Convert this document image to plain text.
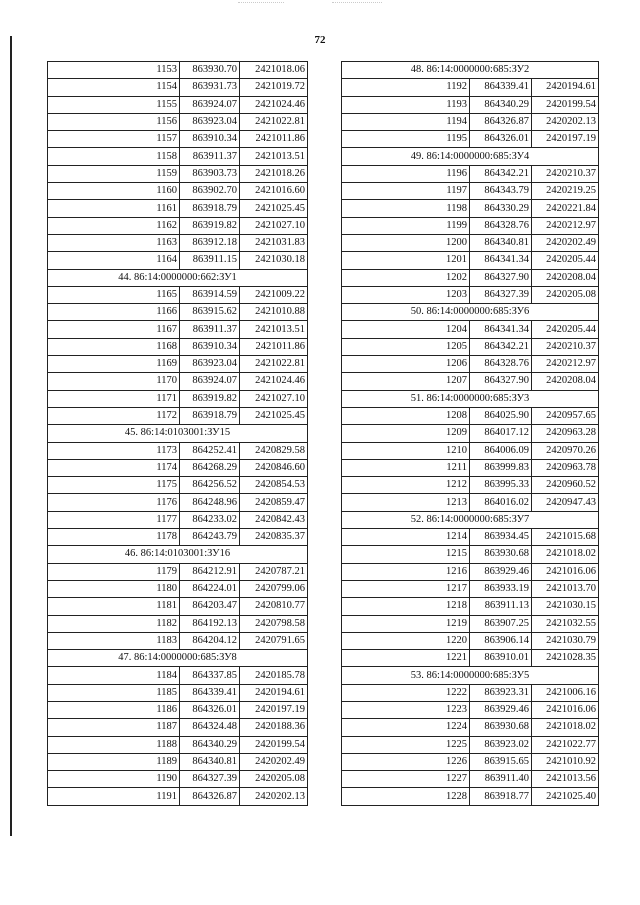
72
1153	863930.70	2421018.06
1154	863931.73	2421019.72
1155	863924.07	2421024.46
1156	863923.04	2421022.81
1157	863910.34	2421011.86
1158	863911.37	2421013.51
1159	863903.73	2421018.26
1160	863902.70	2421016.60
1161	863918.79	2421025.45
1162	863919.82	2421027.10
1163	863912.18	2421031.83
1164	863911.15	2421030.18
44. 86:14:0000000:662:ЗУ1		
1165	863914.59	2421009.22
1166	863915.62	2421010.88
1167	863911.37	2421013.51
1168	863910.34	2421011.86
1169	863923.04	2421022.81
1170	863924.07	2421024.46
1171	863919.82	2421027.10
1172	863918.79	2421025.45
45. 86:14:0103001:ЗУ15		
1173	864252.41	2420829.58
1174	864268.29	2420846.60
1175	864256.52	2420854.53
1176	864248.96	2420859.47
1177	864233.02	2420842.43
1178	864243.79	2420835.37
46. 86:14:0103001:ЗУ16		
1179	864212.91	2420787.21
1180	864224.01	2420799.06
1181	864203.47	2420810.77
1182	864192.13	2420798.58
1183	864204.12	2420791.65
47. 86:14:0000000:685:ЗУ8		
1184	864337.85	2420185.78
1185	864339.41	2420194.61
1186	864326.01	2420197.19
1187	864324.48	2420188.36
1188	864340.29	2420199.54
1189	864340.81	2420202.49
1190	864327.39	2420205.08
1191	864326.87	2420202.13
48. 86:14:0000000:685:ЗУ2		
1192	864339.41	2420194.61
1193	864340.29	2420199.54
1194	864326.87	2420202.13
1195	864326.01	2420197.19
49. 86:14:0000000:685:ЗУ4		
1196	864342.21	2420210.37
1197	864343.79	2420219.25
1198	864330.29	2420221.84
1199	864328.76	2420212.97
1200	864340.81	2420202.49
1201	864341.34	2420205.44
1202	864327.90	2420208.04
1203	864327.39	2420205.08
50. 86:14:0000000:685:ЗУ6		
1204	864341.34	2420205.44
1205	864342.21	2420210.37
1206	864328.76	2420212.97
1207	864327.90	2420208.04
51. 86:14:0000000:685:ЗУ3		
1208	864025.90	2420957.65
1209	864017.12	2420963.28
1210	864006.09	2420970.26
1211	863999.83	2420963.78
1212	863995.33	2420960.52
1213	864016.02	2420947.43
52. 86:14:0000000:685:ЗУ7		
1214	863934.45	2421015.68
1215	863930.68	2421018.02
1216	863929.46	2421016.06
1217	863933.19	2421013.70
1218	863911.13	2421030.15
1219	863907.25	2421032.55
1220	863906.14	2421030.79
1221	863910.01	2421028.35
53. 86:14:0000000:685:ЗУ5		
1222	863923.31	2421006.16
1223	863929.46	2421016.06
1224	863930.68	2421018.02
1225	863923.02	2421022.77
1226	863915.65	2421010.92
1227	863911.40	2421013.56
1228	863918.77	2421025.40
